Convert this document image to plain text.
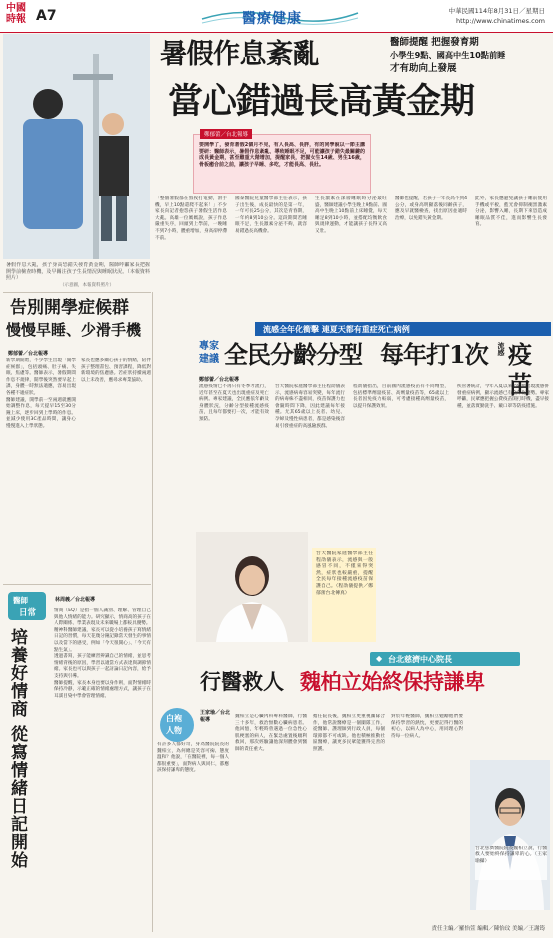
中國
時報 A7	醫療健康	中華民國114年8月31日／星期日
http://www.chinatimes.com
暑假作息大亂，孩子身高恐錯失發育黃金期，醫師呼籲家長把握開學前檢查時機，及早關注孩子生長情況與睡眠狀況。（本報資料照片）
（示意圖，本報資料照片）
暑假作息紊亂
當心錯過長高黃金期
醫師提醒 把握發育期
小學生9點、國高中生10點前睡
才有助向上發展
鄭郁蕾／台北報導
要開學了，發育著假2個月不見，有人長高、長胖，有的同學說以一節主講要研：醫師表示，暑假作息紊亂、導致睡眠不足，可能讓孩子錯失最關鍵的成長黃金期，甚至難重大階增加，提醒家長，把握女生14歲、男生16歲，骨板癒合前之前，讓孩子早睡、多吃，才能長高、長壯。
「整個暑假都在熬夜打電動，滑手機，早上10點還爬不起來！」不少家長向記者抱怨孩子暑假生活作息大亂。高雄一位媽媽說，孩子作息嚴重失序，回頭到上學前，一晚睡不到7小時，體重增加，身高卻停滯不前。
國泰醫院兒童醫學部主任表示，孩子出生後，成長最快的是第一年，一年可長25公分，其次是青春期，一年約8到10公分。這段期間若睡眠不足，生長激素分泌不夠，就容易錯過長高機會。
生長激素在深層睡眠時分泌最旺盛，醫師建議小學生晚上9點前、國高中生晚上10點前上床睡覺，每天睡足8到10小時，並搭配均衡飲食與規律運動，才能讓孩子長得又高又壯。
醫師也提醒，若孩子一年長高不到4公分，或身高明顯落後同齡孩子，應及早就醫檢查，找出原因並適時治療，以免錯失黃金期。
此外，家長應避免讓孩子睡前使用手機或平板，藍光會抑制褪黑激素分泌，影響入睡，長期下來恐造成睡眠品質不佳，進而影響生長發育。
告別開學症候群
慢慢早睡、少滑手機
鄭郁蕾／台北報導
新學期開始，不少學生出現「開學症候群」，包括頭痛、肚子痛、失眠、焦慮等。醫師表示，暑假期間作息不規律，開學後突然要早起上課，身體一時無法適應，容易出現各種不適症狀。
醫師建議，開學前一至兩週就應開始調整作息，每天提早15至30分鐘上床，逐步回到上學時的作息。並減少使用3C產品時間，讓身心慢慢進入上學狀態。
家長也應多關心孩子的情緒，陪伴孩子整理書包、預習課程，降低對新環境的焦慮感。若症狀持續兩週以上未改善，應尋求專業協助。
醫師
日常
林周義／台北報導
培養好情商 從寫情緒日記開始
情商（EQ）是指一個人識別、理解、管理自己與他人情緒的能力。研究顯示，情商高的孩子在人際關係、學業表現及未來職場上都較具優勢。
精神科醫師建議，家長可以從小培養孩子寫情緒日記的習慣，每天花幾分鐘記錄當天發生的事情以及當下的感受，例如「今天很開心」、「今天有點生氣」。
透過書寫，孩子能練習辨識自己的情緒，並思考情緒背後的原因，學習以適當方式表達與調節情緒。家長也可以與孩子一起討論日記內容，給予支持與引導。
醫師提醒，家長本身也要以身作則，面對情緒時保持冷靜，示範正確的情緒處理方式，讓孩子在耳濡目染中學會管理情緒。
流感全年化衝擊 連夏天都有重症死亡病例
專家
建議 全民分齡分型 每年打1次 流感 疫苗
鄭郁蕾／台北報導
流感疫情已不再只有冬季才流行，近年甚至在夏天也出現重症及死亡病例。專家建議，全民應依年齡及身體狀況，分齡分型接種流感疫苗，且每年都要打一次，才能有效預防。
台大醫院家庭醫學部主任程劭儀表示，流感病毒容易突變，每年流行的病毒株不盡相同，疫苗保護力也會隨時間下降，因此建議每年接種。尤其65歲以上長者、幼兒、孕婦及慢性病患者，都是感染後容易引發重症的高風險族群。
程劭儀指出，目前國內流感疫苗有不同劑型，包括標準劑量疫苗、高劑量疫苗等，65歲以上長者因免疫力較弱，可考慮接種高劑量疫苗，以提升保護效果。
疾管署統計，今年入夏以來仍陸續出現流感併發重症病例，顯示流感已有全年化趨勢。專家呼籲，民眾應把握公費疫苗開打時機，盡早接種，並落實勤洗手、戴口罩等防疫措施。
台大醫院家庭醫學部主任程劭儀表示，流感與一般感冒不同，不僅來得突然，症狀也較嚴重，提醒全民每年接種流感疫苗保護自己。（程劭儀提供／鄭郁蕾台北傳真）
◆ 台北慈濟中心院長
行醫救人 魏柏立始終保持謙卑
白袍
人物
王家瑜／台北報導
有許多人都好奇，身為醫院院長的魏柏立，為何總是笑容可掬、態度溫和？他說，「在醫院裡，每一個人都很重要」，面對病人與同仁，都應該保持謙卑的態度。
魏柏立是心臟內科專科醫師，行醫三十多年，救治無數心臟病患者。他回憶，年輕時曾遇過一位急性心肌梗塞的病人，在緊急處置後順利救回，那次經驗讓他深刻體會到醫師的責任重大。
擔任院長後，魏柏立更重視團隊合作，他常說醫療是一個團隊工作，從醫師、護理師到行政人員，每個環節都不可或缺。他也積極推動社區醫療，讓更多民眾能獲得完善的照護。
對於年輕醫師，魏柏立勉勵他們要保持學習的熱忱，更要記得行醫的初心，以病人為中心，用同理心對待每一位病人。
台北慈濟醫院院長魏柏立說，行醫救人要始終保持謙卑的心。（王家瑜攝）
責任主編／羅怡萱 編輯／陳怡玟 美編／王謝筠
